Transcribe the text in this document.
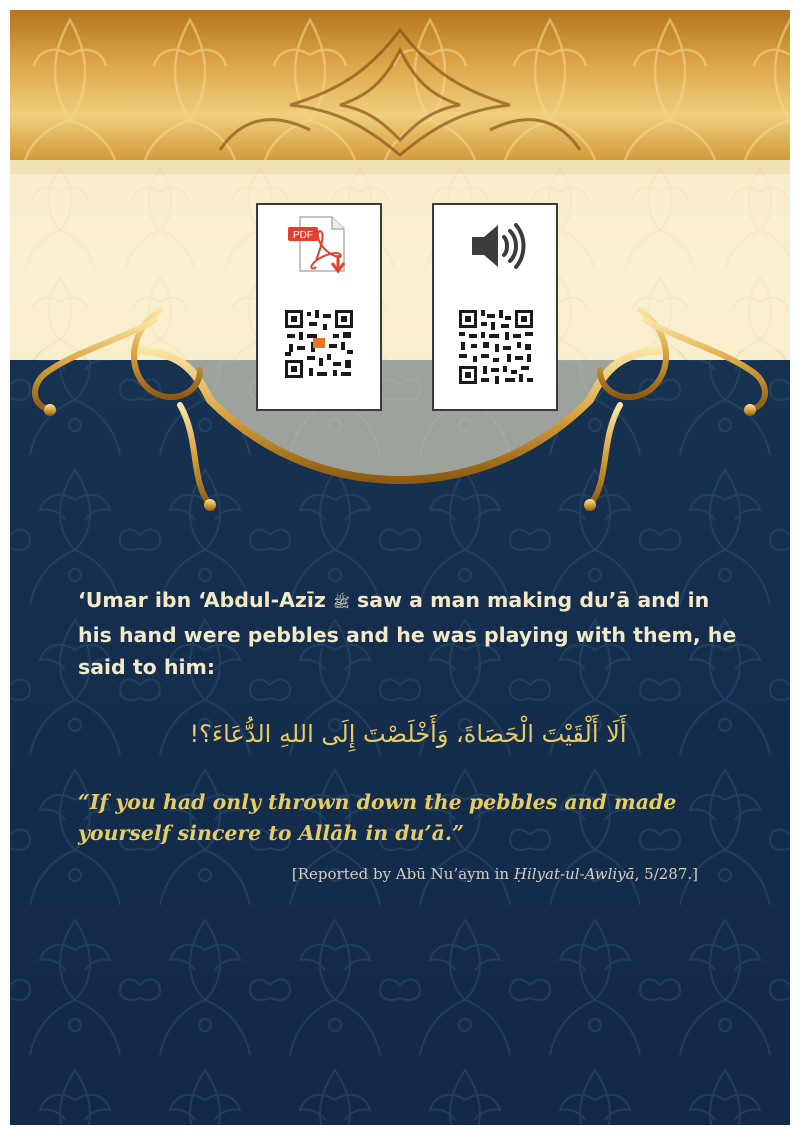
PDF

‘Umar ibn ‘Abdul-Azīz ﷺ saw a man making du’ā and in his hand were pebbles and he was playing with them, he said to him:

أَلَا أَلْقَيْتَ الْحَصَاةَ، وَأَخْلَصْتَ إِلَى اللهِ الدُّعَاءَ؟!

“If you had only thrown down the pebbles and made yourself sincere to Allāh in du’ā.”

[Reported by Abū Nu’aym in Ḥilyat-ul-Awliyā, 5/287.]
